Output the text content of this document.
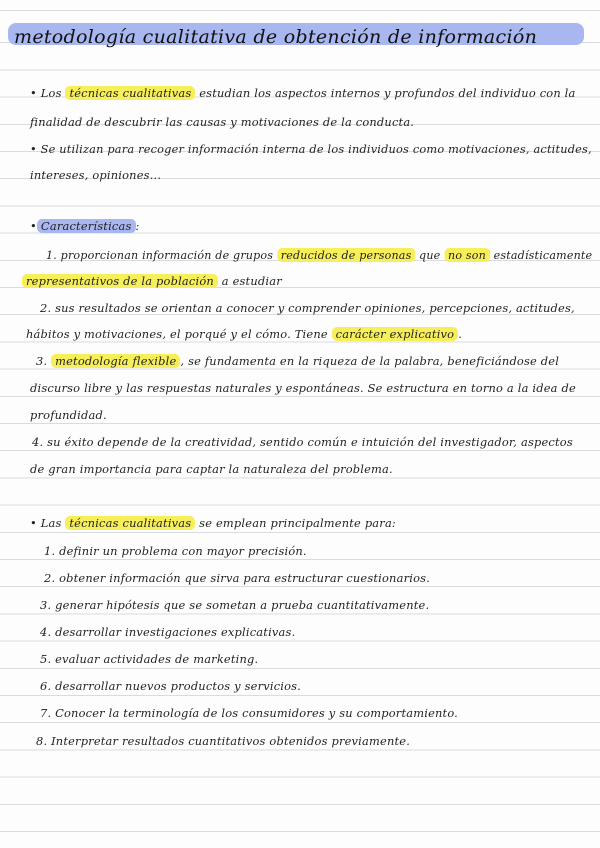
metodología cualitativa de obtención de información
• Los técnicas cualitativas estudian los aspectos internos y profundos del individuo con la
finalidad de descubrir las causas y motivaciones de la conducta.
• Se utilizan para recoger información interna de los individuos como motivaciones, actitudes,
intereses, opiniones...
• Características :
1. proporcionan información de grupos reducidos de personas que no son estadísticamente
representativos de la población a estudiar
2. sus resultados se orientan a conocer y comprender opiniones, percepciones, actitudes,
hábitos y motivaciones, el porqué y el cómo. Tiene carácter explicativo .
3. metodología flexible , se fundamenta en la riqueza de la palabra, beneficiándose del
discurso libre y las respuestas naturales y espontáneas. Se estructura en torno a la idea de
profundidad.
4. su éxito depende de la creatividad, sentido común e intuición del investigador, aspectos
de gran importancia para captar la naturaleza del problema.
• Las técnicas cualitativas se emplean principalmente para:
1. definir un problema con mayor precisión.
2. obtener información que sirva para estructurar cuestionarios.
3. generar hipótesis que se sometan a prueba cuantitativamente.
4. desarrollar investigaciones explicativas.
5. evaluar actividades de marketing.
6. desarrollar nuevos productos y servicios.
7. Conocer la terminología de los consumidores y su comportamiento.
8. Interpretar resultados cuantitativos obtenidos previamente.
